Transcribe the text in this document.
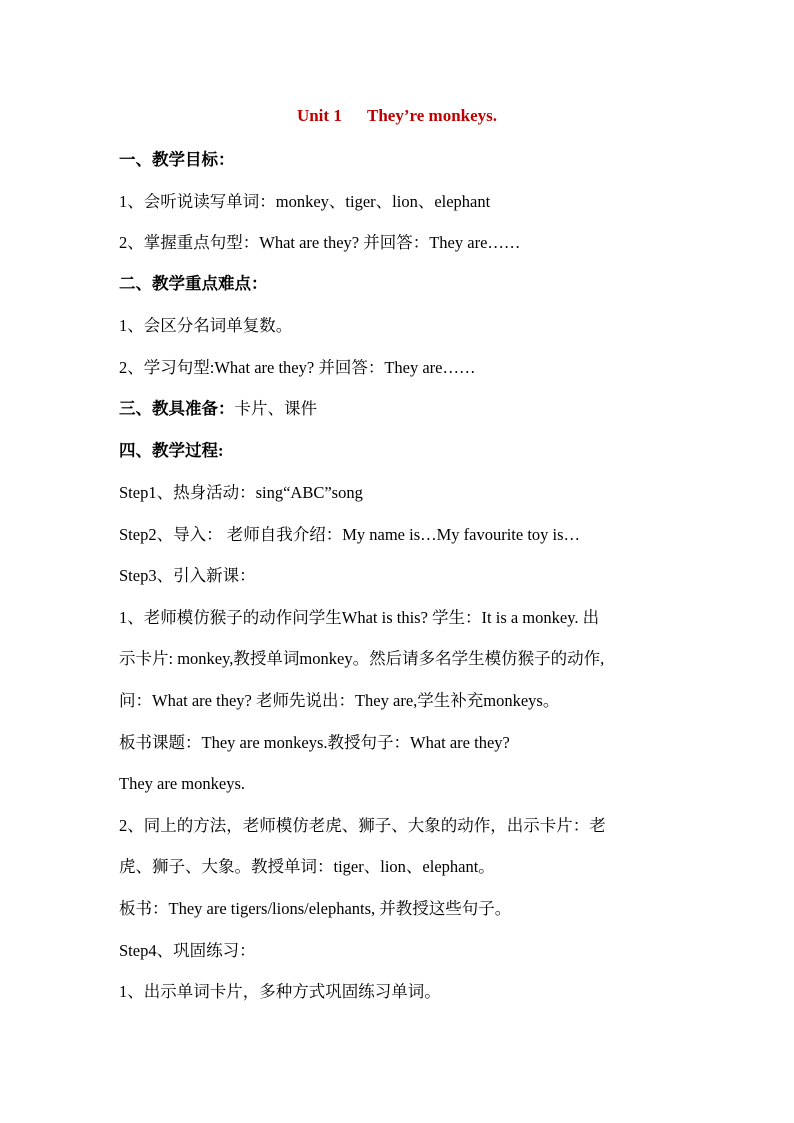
Unit 1      They’re monkeys.
一、教学目标：
1、会听说读写单词：monkey、tiger、lion、elephant
2、掌握重点句型：What are they? 并回答：They are……
二、教学重点难点：
1、会区分名词单复数。
2、学习句型:What are they? 并回答：They are……
三、教具准备：卡片、课件
四、教学过程:
Step1、热身活动：sing“ABC”song
Step2、导入： 老师自我介绍：My name is…My favourite toy is…
Step3、引入新课：
1、老师模仿猴子的动作问学生What is this? 学生：It is a monkey. 出
示卡片: monkey,教授单词monkey。然后请多名学生模仿猴子的动作,
问：What are they? 老师先说出：They are,学生补充monkeys。
板书课题：They are monkeys.教授句子：What are they?
They are monkeys.
2、同上的方法，老师模仿老虎、狮子、大象的动作，出示卡片：老
虎、狮子、大象。教授单词：tiger、lion、elephant。
板书：They are tigers/lions/elephants, 并教授这些句子。
Step4、巩固练习：
1、出示单词卡片，多种方式巩固练习单词。
